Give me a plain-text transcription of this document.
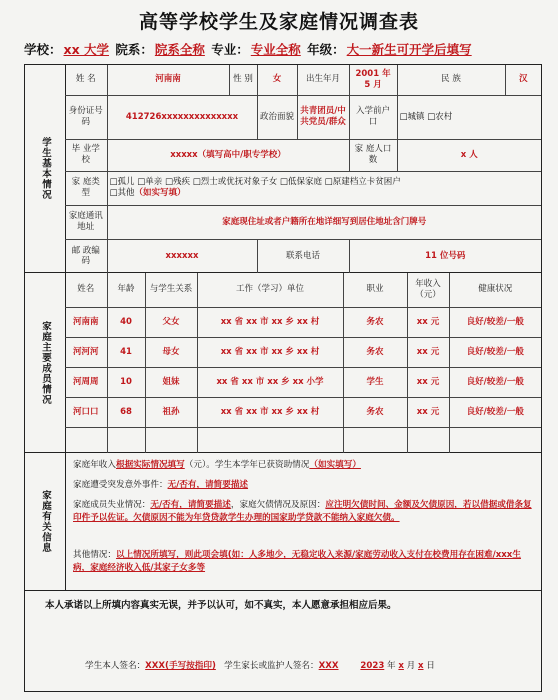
高等学校学生及家庭情况调查表
学校： xx 大学 院系： 院系全称 专业： 专业全称 年级： 大一新生可开学后填写
学生基本情况
姓 名	河南南	性 别	女	出生年月	2001 年 5 月	民 族	汉
身份证号 码	412726xxxxxxxxxxxxxx		政治面貌	共青团员/中共党员/群众	入学前户 口	□城镇 □农村	
毕 业学 校	xxxxx（填写高中/职专学校）				家 庭人口数	x 人	
家 庭类 型	□孤儿 □单亲 □残疾 □烈士或优抚对象子女 □低保家庭 □原建档立卡贫困户
□其他（如实写填）						

家庭通讯地址	家庭现住址或者户籍所在地详细写到居住地址含门牌号						
邮 政编 码	xxxxxx		联系电话		11 位号码		
家庭主要成员情况
姓名	年龄	与学生关系	工作（学习）单位	职业	年收入（元）	健康状况
河南南	40	父女	xx 省 xx 市 xx 乡 xx 村	务农	xx 元	良好/较差/一般
河河河	41	母女	xx 省 xx 市 xx 乡 xx 村	务农	xx 元	良好/较差/一般
河周周	10	姐妹	xx 省 xx 市 xx 乡 xx 小学	学生	xx 元	良好/较差/一般
河口口	68	祖孙	xx 省 xx 市 xx 乡 xx 村	务农	xx 元	良好/较差/一般

家庭有关信息
家庭年收入根据实际情况填写（元）。学生本学年已获资助情况（如实填写）
家庭遭受突发意外事件：无/否有，请简要描述
家庭成员失业情况：无/否有，请简要描述，家庭欠债情况及原因：应注明欠债时间、金额及欠债原因，若以借据或借条复印件予以佐证。欠债原因不能为年贷贷款学生办理的国家助学贷款不能纳入家庭欠债。
其他情况：以上情况所填写，则此项会填(如：人多地少，无稳定收入来源/家庭劳动收入支付在校费用存在困难/xxx生病，家庭经济收入低/其家子女多等
本人承诺以上所填内容真实无误，并予以认可，如不真实，本人愿意承担相应后果。
学生本人签名：XXX(手写按指印) 学生家长或监护人签名：XXX	2023 年 x 月 x 日
